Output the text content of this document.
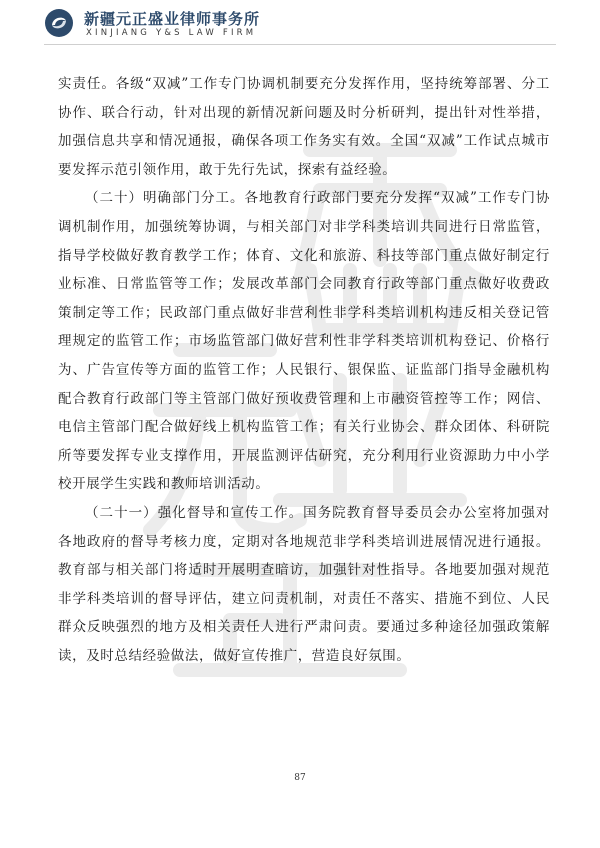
新疆元正盛业律师事务所
XINJIANG Y&S LAW FIRM

实责任。各级“双减”工作专门协调机制要充分发挥作用，坚持统筹部署、分工协作、联合行动，针对出现的新情况新问题及时分析研判，提出针对性举措，加强信息共享和情况通报，确保各项工作务实有效。全国“双减”工作试点城市要发挥示范引领作用，敢于先行先试，探索有益经验。

（二十）明确部门分工。各地教育行政部门要充分发挥“双减”工作专门协调机制作用，加强统筹协调，与相关部门对非学科类培训共同进行日常监管，指导学校做好教育教学工作；体育、文化和旅游、科技等部门重点做好制定行业标准、日常监管等工作；发展改革部门会同教育行政等部门重点做好收费政策制定等工作；民政部门重点做好非营利性非学科类培训机构违反相关登记管理规定的监管工作；市场监管部门做好营利性非学科类培训机构登记、价格行为、广告宣传等方面的监管工作；人民银行、银保监、证监部门指导金融机构配合教育行政部门等主管部门做好预收费管理和上市融资管控等工作；网信、电信主管部门配合做好线上机构监管工作；有关行业协会、群众团体、科研院所等要发挥专业支撑作用，开展监测评估研究，充分利用行业资源助力中小学校开展学生实践和教师培训活动。

（二十一）强化督导和宣传工作。国务院教育督导委员会办公室将加强对各地政府的督导考核力度，定期对各地规范非学科类培训进展情况进行通报。教育部与相关部门将适时开展明查暗访，加强针对性指导。各地要加强对规范非学科类培训的督导评估，建立问责机制，对责任不落实、措施不到位、人民群众反映强烈的地方及相关责任人进行严肃问责。要通过多种途径加强政策解读，及时总结经验做法，做好宣传推广，营造良好氛围。

87
